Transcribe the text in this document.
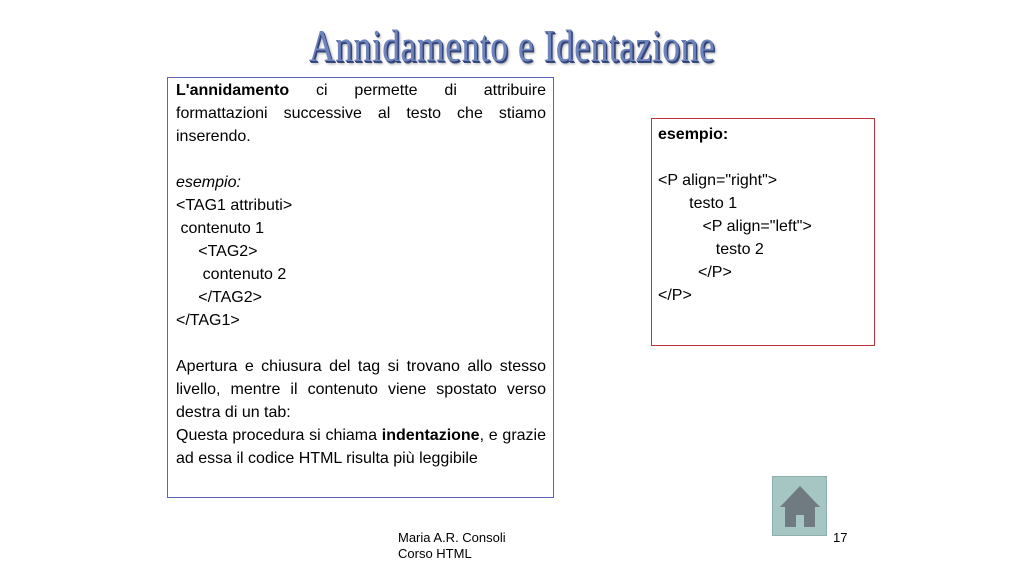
Annidamento e Identazione

L'annidamento ci permette di attribuire formattazioni successive al testo che stiamo inserendo.

esempio:

<TAG1 attributi>

contenuto 1

<TAG2>

contenuto 2

</TAG2>

</TAG1>

Apertura e chiusura del tag si trovano allo stesso livello, mentre il contenuto viene spostato verso destra di un tab:

Questa procedura si chiama indentazione, e grazie ad essa il codice HTML risulta più leggibile

esempio:

<P align="right">

testo 1

<P align="left">

testo 2

</P>

</P>

Maria A.R. Consoli
Corso HTML
17
